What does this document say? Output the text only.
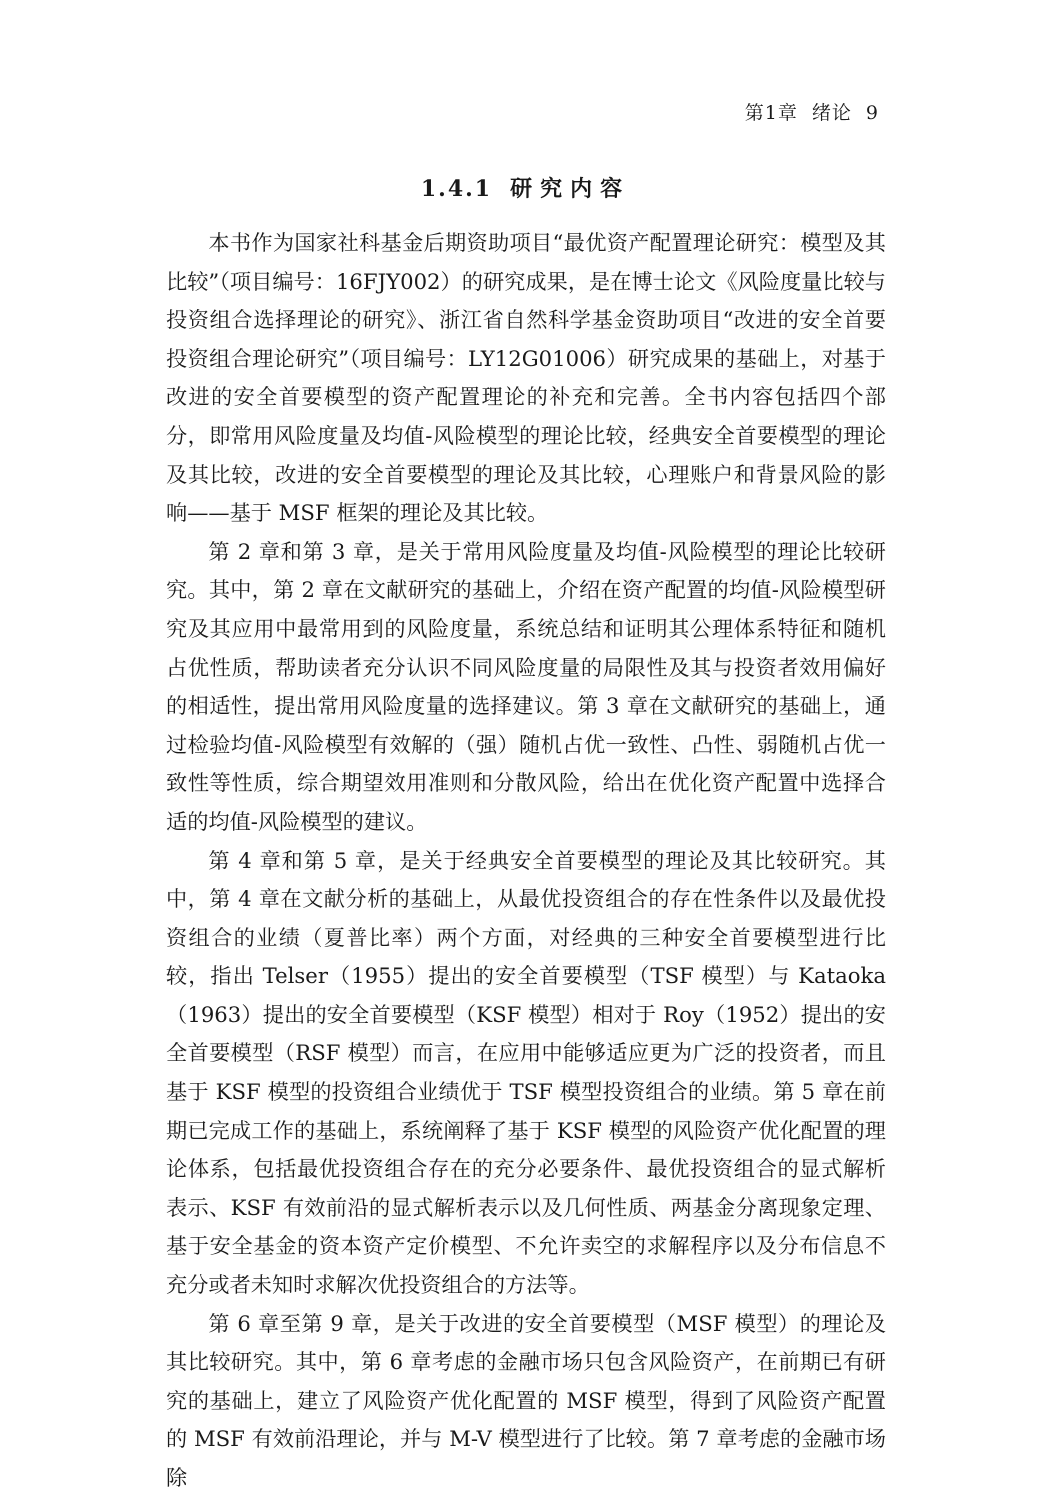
第1章 绪论 9
1.4.1 研究内容

本书作为国家社科基金后期资助项目“最优资产配置理论研究：模型及其比较”（项目编号：16FJY002）的研究成果，是在博士论文《风险度量比较与投资组合选择理论的研究》、浙江省自然科学基金资助项目“改进的安全首要投资组合理论研究”（项目编号：LY12G01006）研究成果的基础上，对基于改进的安全首要模型的资产配置理论的补充和完善。全书内容包括四个部分，即常用风险度量及均值-风险模型的理论比较，经典安全首要模型的理论及其比较，改进的安全首要模型的理论及其比较，心理账户和背景风险的影响——基于 MSF 框架的理论及其比较。

第 2 章和第 3 章，是关于常用风险度量及均值-风险模型的理论比较研究。其中，第 2 章在文献研究的基础上，介绍在资产配置的均值-风险模型研究及其应用中最常用到的风险度量，系统总结和证明其公理体系特征和随机占优性质，帮助读者充分认识不同风险度量的局限性及其与投资者效用偏好的相适性，提出常用风险度量的选择建议。第 3 章在文献研究的基础上，通过检验均值-风险模型有效解的（强）随机占优一致性、凸性、弱随机占优一致性等性质，综合期望效用准则和分散风险，给出在优化资产配置中选择合适的均值-风险模型的建议。

第 4 章和第 5 章，是关于经典安全首要模型的理论及其比较研究。其中，第 4 章在文献分析的基础上，从最优投资组合的存在性条件以及最优投资组合的业绩（夏普比率）两个方面，对经典的三种安全首要模型进行比较，指出 Telser（1955）提出的安全首要模型（TSF 模型）与 Kataoka（1963）提出的安全首要模型（KSF 模型）相对于 Roy（1952）提出的安全首要模型（RSF 模型）而言，在应用中能够适应更为广泛的投资者，而且基于 KSF 模型的投资组合业绩优于 TSF 模型投资组合的业绩。第 5 章在前期已完成工作的基础上，系统阐释了基于 KSF 模型的风险资产优化配置的理论体系，包括最优投资组合存在的充分必要条件、最优投资组合的显式解析表示、KSF 有效前沿的显式解析表示以及几何性质、两基金分离现象定理、基于安全基金的资本资产定价模型、不允许卖空的求解程序以及分布信息不充分或者未知时求解次优投资组合的方法等。

第 6 章至第 9 章，是关于改进的安全首要模型（MSF 模型）的理论及其比较研究。其中，第 6 章考虑的金融市场只包含风险资产，在前期已有研究的基础上，建立了风险资产优化配置的 MSF 模型，得到了风险资产配置的 MSF 有效前沿理论，并与 M-V 模型进行了比较。第 7 章考虑的金融市场除
